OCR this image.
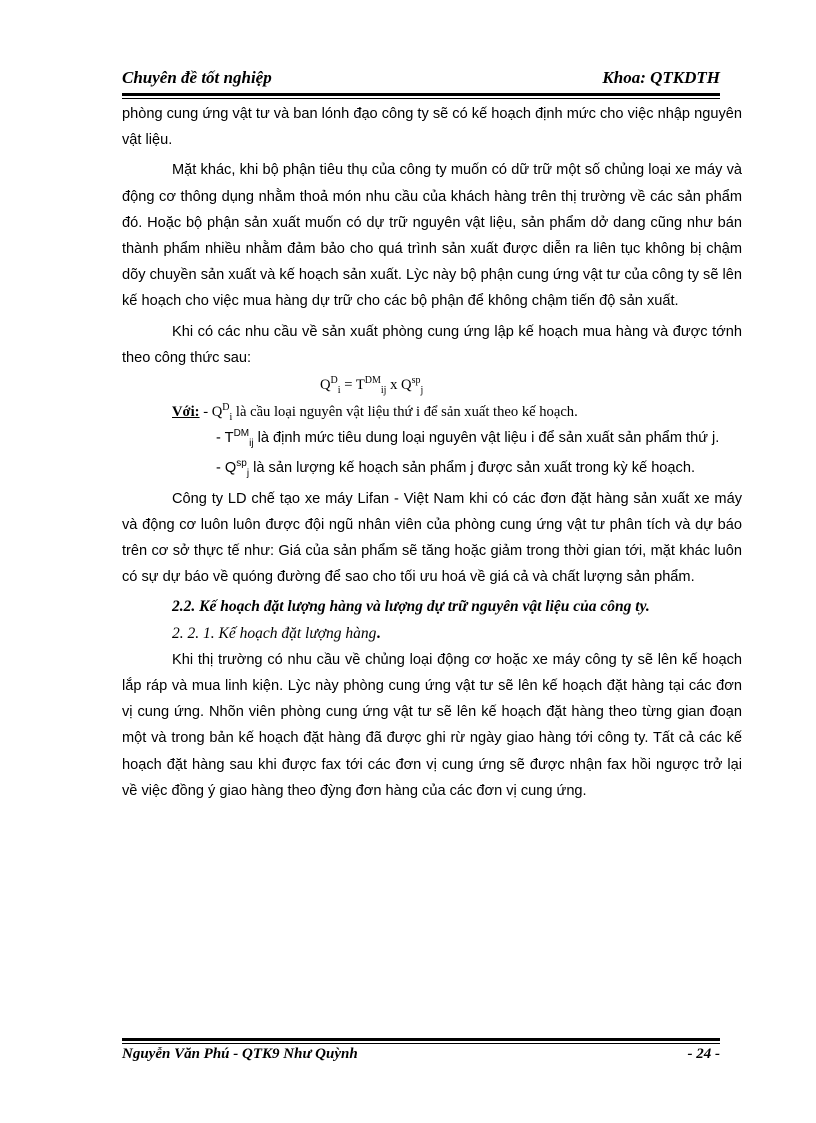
Chuyên đề tốt nghiệp	Khoa: QTKDTH

phòng cung ứng vật tư và ban lónh đạo công ty sẽ có kế hoạch định mức cho việc nhập nguyên vật liệu.

Mặt khác, khi bộ phận tiêu thụ của công ty muốn có dữ trữ một số chủng loại xe máy và động cơ thông dụng nhằm thoả món nhu cầu của khách hàng trên thị trường về các sản phẩm đó. Hoặc bộ phận sản xuất muốn có dự trữ nguyên vật liệu, sản phẩm dở dang cũng như bán thành phẩm nhiều nhằm đảm bảo cho quá trình sản xuất được diễn ra liên tục không bị chậm dõy chuyền sản xuất và kế hoạch sản xuất. Lỳc này bộ phận cung ứng vật tư của công ty sẽ lên kế hoạch cho việc mua hàng dự trữ cho các bộ phận để không chậm tiến độ sản xuất.

Khi có các nhu cầu về sản xuất phòng cung ứng lập kế hoạch mua hàng và được tớnh theo công thức sau:

$Q^D_i = T^{DM}_{ij}$ x $Q^{sp}_j$

Với: - $Q^D_i$ là cầu loại nguyên vật liệu thứ i để sản xuất theo kế hoạch.

- $T^{DM}_{ij}$ là định mức tiêu dung loại nguyên vật liệu i để sản xuất sản phẩm thứ j.

- $Q^{sp}_j$ là sản lượng kế hoạch sản phẩm j được sản xuất trong kỳ kế hoạch.

Công ty LD chế tạo xe máy Lifan - Việt Nam khi có các đơn đặt hàng sản xuất xe máy và động cơ luôn luôn được đội ngũ nhân viên của phòng cung ứng vật tư phân tích và dự báo trên cơ sở thực tế như: Giá của sản phẩm sẽ tăng hoặc giảm trong thời gian tới, mặt khác luôn có sự dự báo về quóng đường để sao cho tối ưu hoá về giá cả và chất lượng sản phẩm.

2.2. Kế hoạch đặt lượng hàng và lượng dự trữ nguyên vật liệu của công ty.

2. 2. 1. Kế hoạch đặt lượng hàng.

Khi thị trường có nhu cầu về chủng loại động cơ hoặc xe máy công ty sẽ lên kế hoạch lắp ráp và mua linh kiện. Lỳc này phòng cung ứng vật tư sẽ lên kế hoạch đặt hàng tại các đơn vị cung ứng. Nhõn viên phòng cung ứng vật tư sẽ lên kế hoạch đặt hàng theo từng gian đoạn một và trong bản kế hoạch đặt hàng đã được ghi rừ ngày giao hàng tới công ty. Tất cả các kế hoạch đặt hàng sau khi được fax tới các đơn vị cung ứng sẽ được nhận fax hồi ngược trở lại về việc đồng ý giao hàng theo đỳng đơn hàng của các đơn vị cung ứng.

Nguyễn Văn Phú - QTK9 Như Quỳnh	- 24 -
